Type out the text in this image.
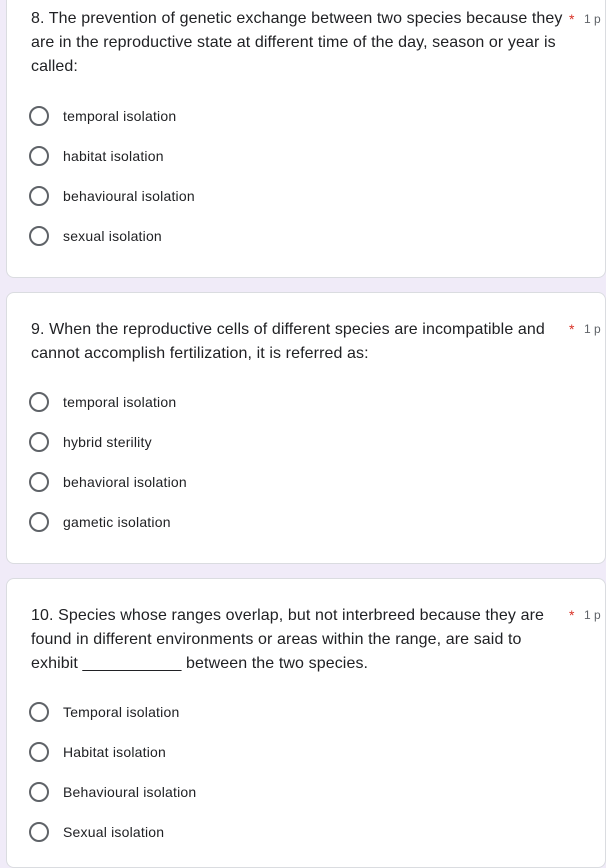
8. The prevention of genetic exchange between two species because they are in the reproductive state at different time of the day, season or year is called:

* 1 p
temporal isolation
habitat isolation
behavioural isolation
sexual isolation

9. When the reproductive cells of different species are incompatible and cannot accomplish fertilization, it is referred as:

* 1 p
temporal isolation
hybrid sterility
behavioral isolation
gametic isolation

10. Species whose ranges overlap, but not interbreed because they are found in different environments or areas within the range, are said to exhibit ___________ between the two species.

* 1 p
Temporal isolation
Habitat isolation
Behavioural isolation
Sexual isolation
